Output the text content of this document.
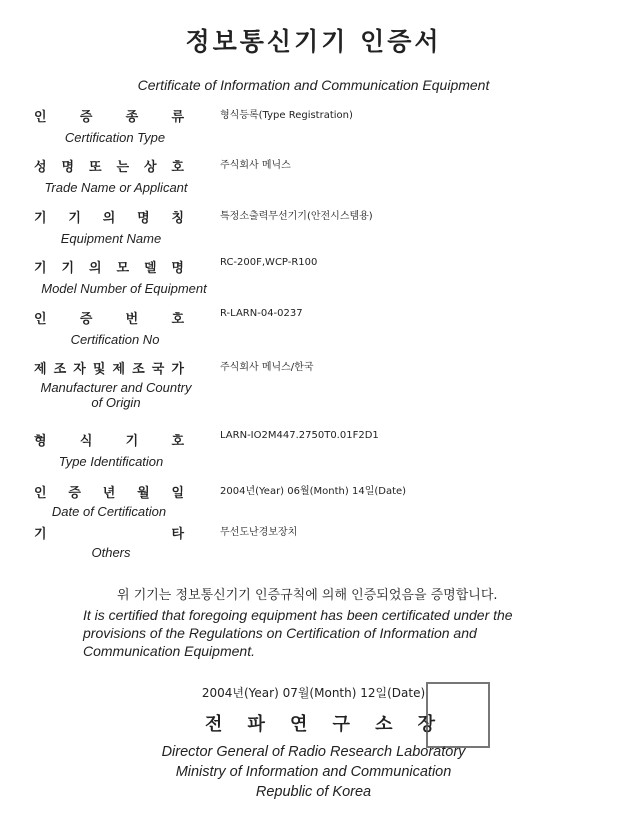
정보통신기기 인증서
Certificate of Information and Communication Equipment
인	증	종	류
Certification Type
형식등록(Type Registration)
성 명 또 는 상 호
Trade Name or Applicant
주식회사 메닉스
기 기 의 명 칭
Equipment Name
특정소출력무선기기(안전시스템용)
기 기 의 모 델 명
Model Number of Equipment
RC-200F,WCP-R100
인	증	번	호
Certification No
R-LARN-04-0237
제 조 자 및 제 조 국 가
Manufacturer and Country of Origin
주식회사 메닉스/한국
형	식	기	호
Type Identification
LARN-IO2M447.2750T0.01F2D1
인 증 년 월 일
Date of Certification
2004년(Year) 06월(Month) 14일(Date)
기	타
Others
무선도난경보장치
위 기기는 정보통신기기 인증규칙에 의해 인증되었음을 증명합니다.
It is certified that foregoing equipment has been certificated under the provisions of the Regulations on Certification of Information and Communication Equipment.
2004년(Year) 07월(Month) 12일(Date)
전 파 연 구 소 장
Director General of Radio Research Laboratory
Ministry of Information and Communication
Republic of Korea
